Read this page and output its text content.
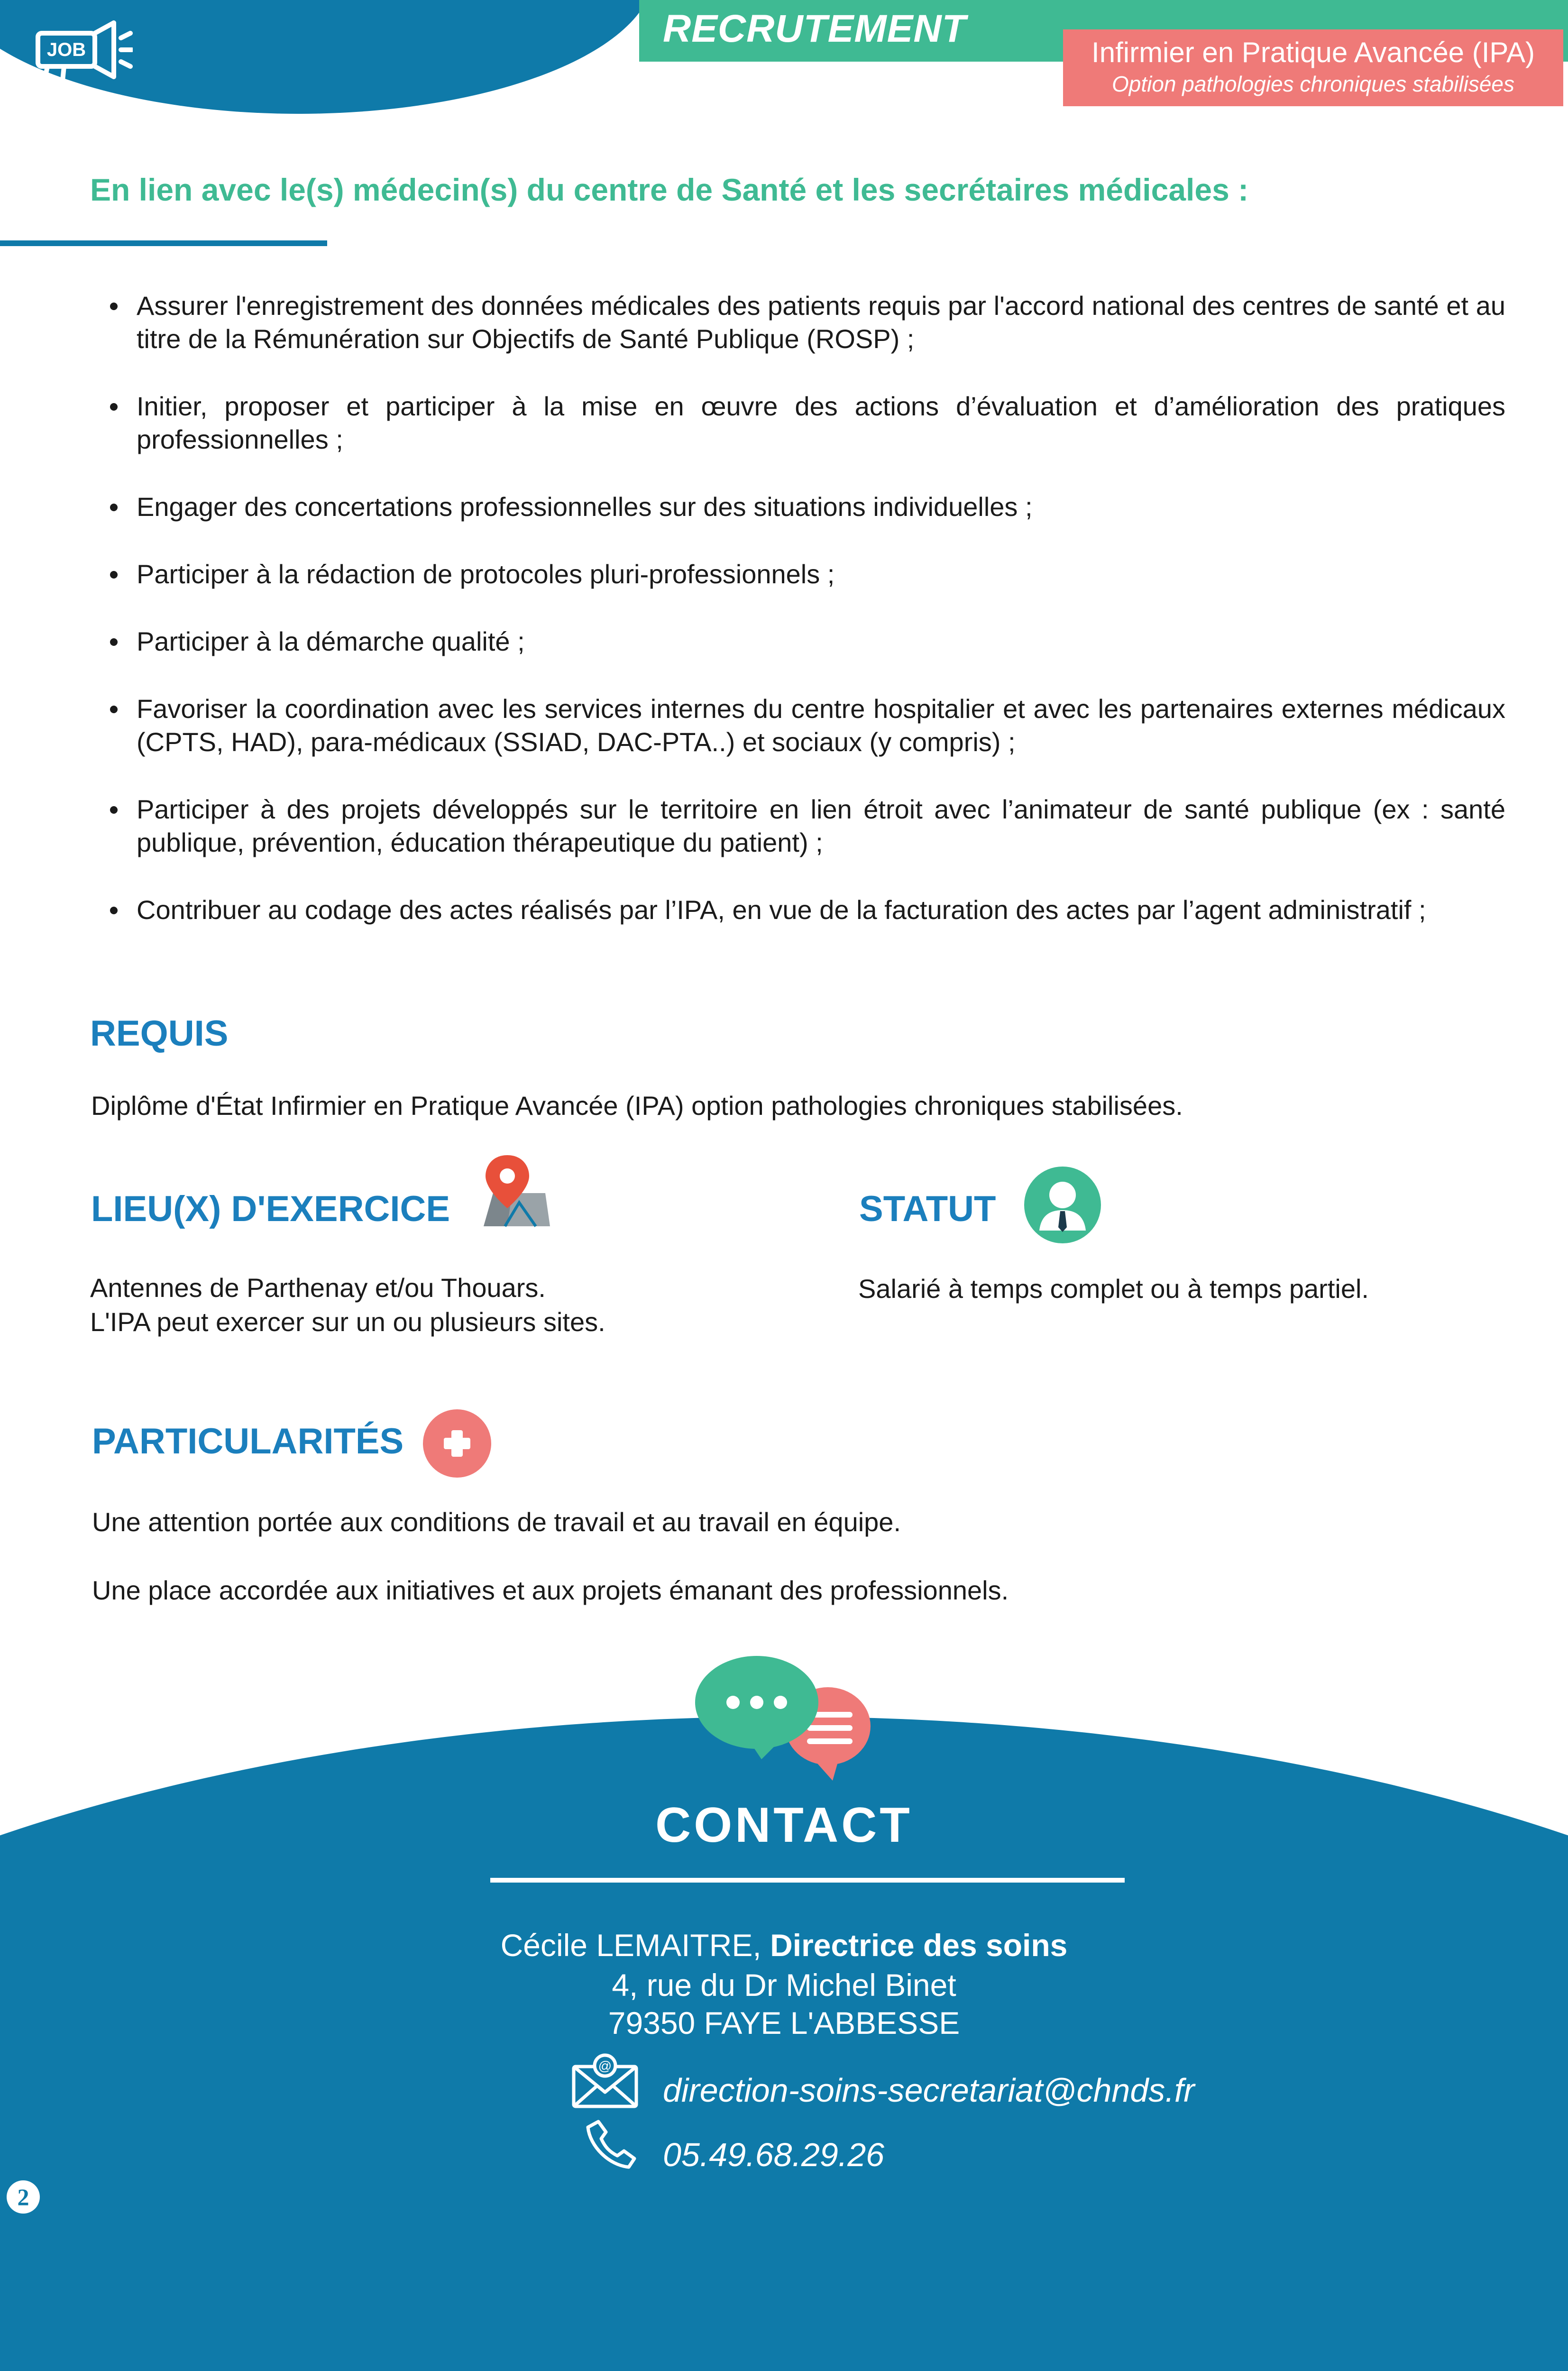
JOB	RECRUTEMENT
Infirmier en Pratique Avancée (IPA)
Option pathologies chroniques stabilisées
En lien avec le(s) médecin(s) du centre de Santé et les secrétaires médicales :
Assurer l'enregistrement des données médicales des patients requis par l'accord national des centres de santé et au titre de la Rémunération sur Objectifs de Santé Publique (ROSP) ;
Initier, proposer et participer à la mise en œuvre des actions d’évaluation et d’amélioration des pratiques professionnelles ;
Engager des concertations professionnelles sur des situations individuelles ;
Participer à la rédaction de protocoles pluri-professionnels ;
Participer à la démarche qualité ;
Favoriser la coordination avec les services internes du centre hospitalier et avec les partenaires externes médicaux (CPTS, HAD), para-médicaux (SSIAD, DAC-PTA..) et sociaux (y compris) ;
Participer à des projets développés sur le territoire en lien étroit avec l’animateur de santé publique (ex : santé publique, prévention, éducation thérapeutique du patient) ;
Contribuer au codage des actes réalisés par l’IPA, en vue de la facturation des actes par l’agent administratif ;
REQUIS
Diplôme d'État Infirmier en Pratique Avancée (IPA) option pathologies chroniques stabilisées.
LIEU(X) D'EXERCICE
Antennes de Parthenay et/ou Thouars.
L'IPA peut exercer sur un ou plusieurs sites.
STATUT
Salarié à temps complet ou à temps partiel.
PARTICULARITÉS
Une attention portée aux conditions de travail et au travail en équipe.
Une place accordée aux initiatives et aux projets émanant des professionnels.
CONTACT
Cécile LEMAITRE, Directrice des soins
4, rue du Dr Michel Binet
79350 FAYE L'ABBESSE
@
direction-soins-secretariat@chnds.fr
05.49.68.29.26
2
